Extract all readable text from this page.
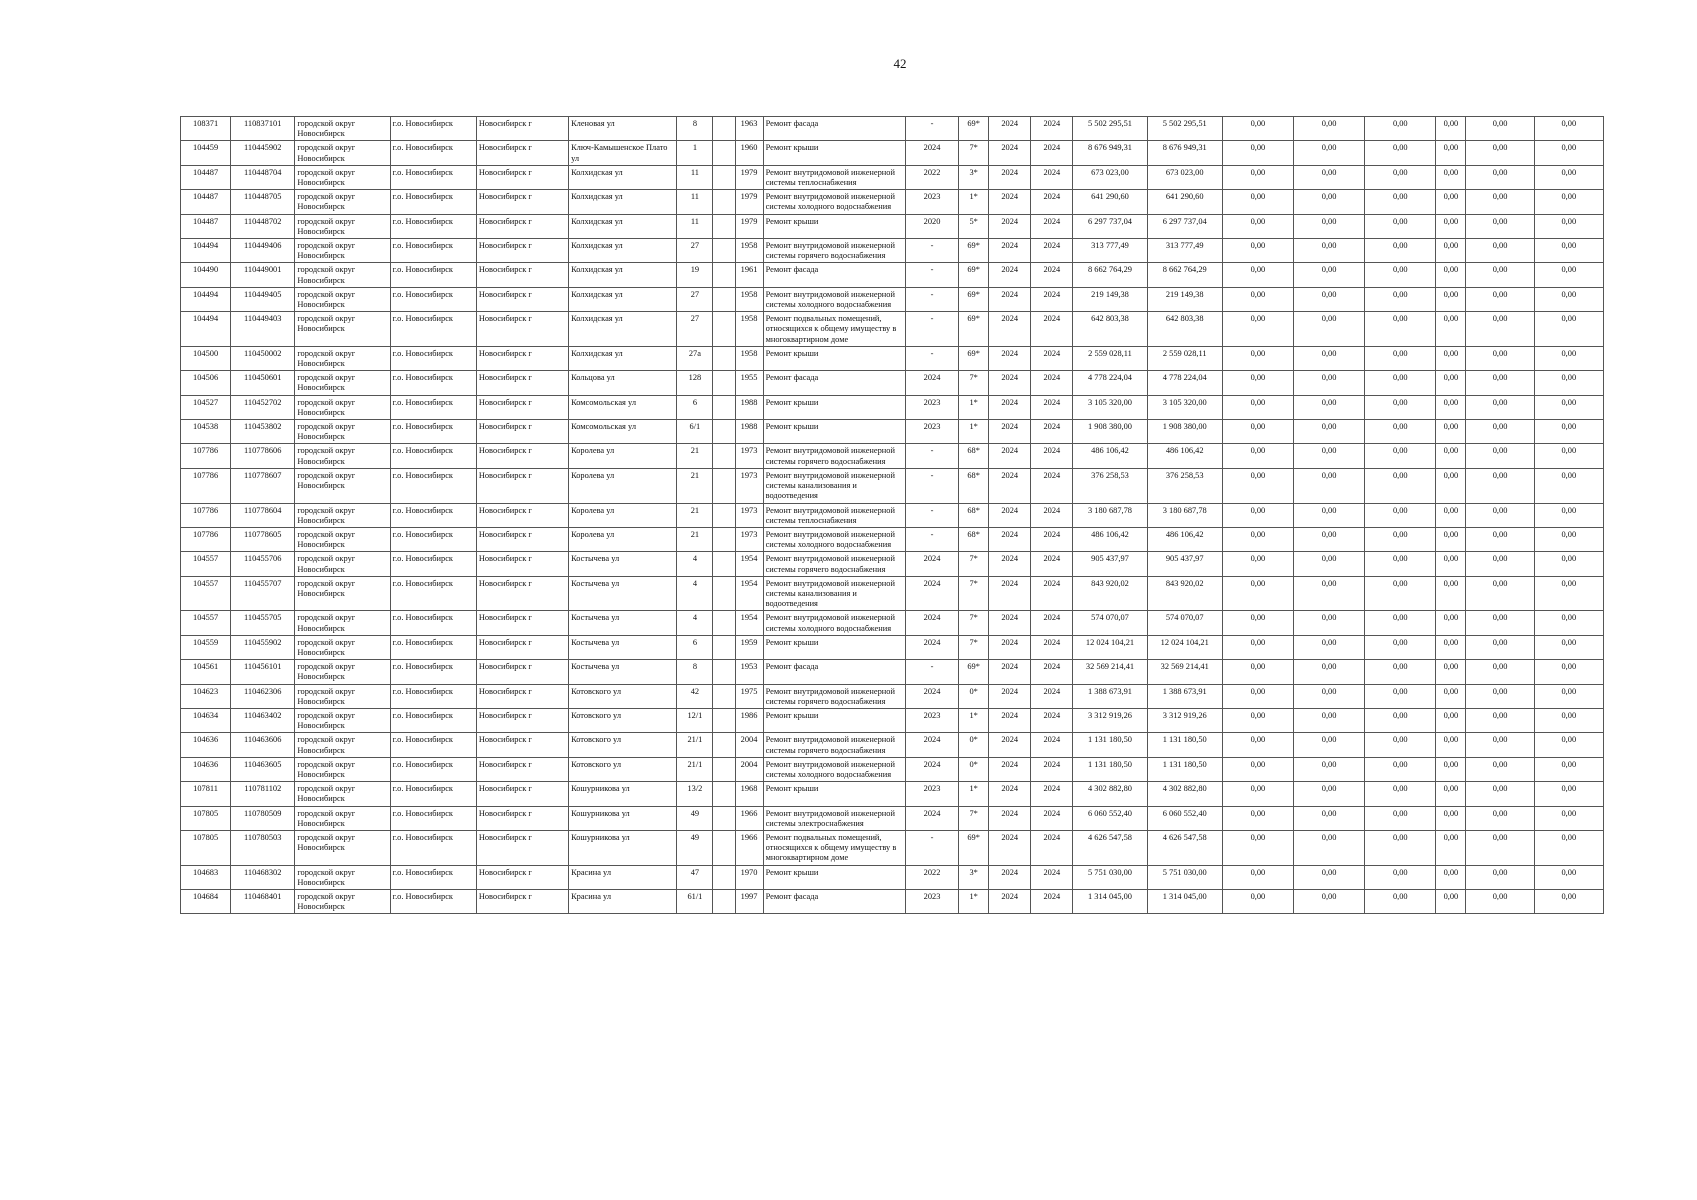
42
108371	110837101	городской округ Новосибирск	г.о. Новосибирск	Новосибирск г	Кленовая ул	8		1963	Ремонт фасада	-	69*	2024	2024	5 502 295,51	5 502 295,51	0,00	0,00	0,00	0,00	0,00	0,00
104459	110445902	городской округ Новосибирск	г.о. Новосибирск	Новосибирск г	Ключ-Камышенское Плато ул	1		1960	Ремонт крыши	2024	7*	2024	2024	8 676 949,31	8 676 949,31	0,00	0,00	0,00	0,00	0,00	0,00
104487	110448704	городской округ Новосибирск	г.о. Новосибирск	Новосибирск г	Колхидская ул	11		1979	Ремонт внутридомовой инженерной системы теплоснабжения	2022	3*	2024	2024	673 023,00	673 023,00	0,00	0,00	0,00	0,00	0,00	0,00
104487	110448705	городской округ Новосибирск	г.о. Новосибирск	Новосибирск г	Колхидская ул	11		1979	Ремонт внутридомовой инженерной системы холодного водоснабжения	2023	1*	2024	2024	641 290,60	641 290,60	0,00	0,00	0,00	0,00	0,00	0,00
104487	110448702	городской округ Новосибирск	г.о. Новосибирск	Новосибирск г	Колхидская ул	11		1979	Ремонт крыши	2020	5*	2024	2024	6 297 737,04	6 297 737,04	0,00	0,00	0,00	0,00	0,00	0,00
104494	110449406	городской округ Новосибирск	г.о. Новосибирск	Новосибирск г	Колхидская ул	27		1958	Ремонт внутридомовой инженерной системы горячего водоснабжения	-	69*	2024	2024	313 777,49	313 777,49	0,00	0,00	0,00	0,00	0,00	0,00
104490	110449001	городской округ Новосибирск	г.о. Новосибирск	Новосибирск г	Колхидская ул	19		1961	Ремонт фасада	-	69*	2024	2024	8 662 764,29	8 662 764,29	0,00	0,00	0,00	0,00	0,00	0,00
104494	110449405	городской округ Новосибирск	г.о. Новосибирск	Новосибирск г	Колхидская ул	27		1958	Ремонт внутридомовой инженерной системы холодного водоснабжения	-	69*	2024	2024	219 149,38	219 149,38	0,00	0,00	0,00	0,00	0,00	0,00
104494	110449403	городской округ Новосибирск	г.о. Новосибирск	Новосибирск г	Колхидская ул	27		1958	Ремонт подвальных помещений, относящихся к общему имуществу в многоквартирном доме	-	69*	2024	2024	642 803,38	642 803,38	0,00	0,00	0,00	0,00	0,00	0,00
104500	110450002	городской округ Новосибирск	г.о. Новосибирск	Новосибирск г	Колхидская ул	27а		1958	Ремонт крыши	-	69*	2024	2024	2 559 028,11	2 559 028,11	0,00	0,00	0,00	0,00	0,00	0,00
104506	110450601	городской округ Новосибирск	г.о. Новосибирск	Новосибирск г	Кольцова ул	128		1955	Ремонт фасада	2024	7*	2024	2024	4 778 224,04	4 778 224,04	0,00	0,00	0,00	0,00	0,00	0,00
104527	110452702	городской округ Новосибирск	г.о. Новосибирск	Новосибирск г	Комсомольская ул	6		1988	Ремонт крыши	2023	1*	2024	2024	3 105 320,00	3 105 320,00	0,00	0,00	0,00	0,00	0,00	0,00
104538	110453802	городской округ Новосибирск	г.о. Новосибирск	Новосибирск г	Комсомольская ул	6/1		1988	Ремонт крыши	2023	1*	2024	2024	1 908 380,00	1 908 380,00	0,00	0,00	0,00	0,00	0,00	0,00
107786	110778606	городской округ Новосибирск	г.о. Новосибирск	Новосибирск г	Королева ул	21		1973	Ремонт внутридомовой инженерной системы горячего водоснабжения	-	68*	2024	2024	486 106,42	486 106,42	0,00	0,00	0,00	0,00	0,00	0,00
107786	110778607	городской округ Новосибирск	г.о. Новосибирск	Новосибирск г	Королева ул	21		1973	Ремонт внутридомовой инженерной системы канализования и водоотведения	-	68*	2024	2024	376 258,53	376 258,53	0,00	0,00	0,00	0,00	0,00	0,00
107786	110778604	городской округ Новосибирск	г.о. Новосибирск	Новосибирск г	Королева ул	21		1973	Ремонт внутридомовой инженерной системы теплоснабжения	-	68*	2024	2024	3 180 687,78	3 180 687,78	0,00	0,00	0,00	0,00	0,00	0,00
107786	110778605	городской округ Новосибирск	г.о. Новосибирск	Новосибирск г	Королева ул	21		1973	Ремонт внутридомовой инженерной системы холодного водоснабжения	-	68*	2024	2024	486 106,42	486 106,42	0,00	0,00	0,00	0,00	0,00	0,00
104557	110455706	городской округ Новосибирск	г.о. Новосибирск	Новосибирск г	Костычева ул	4		1954	Ремонт внутридомовой инженерной системы горячего водоснабжения	2024	7*	2024	2024	905 437,97	905 437,97	0,00	0,00	0,00	0,00	0,00	0,00
104557	110455707	городской округ Новосибирск	г.о. Новосибирск	Новосибирск г	Костычева ул	4		1954	Ремонт внутридомовой инженерной системы канализования и водоотведения	2024	7*	2024	2024	843 920,02	843 920,02	0,00	0,00	0,00	0,00	0,00	0,00
104557	110455705	городской округ Новосибирск	г.о. Новосибирск	Новосибирск г	Костычева ул	4		1954	Ремонт внутридомовой инженерной системы холодного водоснабжения	2024	7*	2024	2024	574 070,07	574 070,07	0,00	0,00	0,00	0,00	0,00	0,00
104559	110455902	городской округ Новосибирск	г.о. Новосибирск	Новосибирск г	Костычева ул	6		1959	Ремонт крыши	2024	7*	2024	2024	12 024 104,21	12 024 104,21	0,00	0,00	0,00	0,00	0,00	0,00
104561	110456101	городской округ Новосибирск	г.о. Новосибирск	Новосибирск г	Костычева ул	8		1953	Ремонт фасада	-	69*	2024	2024	32 569 214,41	32 569 214,41	0,00	0,00	0,00	0,00	0,00	0,00
104623	110462306	городской округ Новосибирск	г.о. Новосибирск	Новосибирск г	Котовского ул	42		1975	Ремонт внутридомовой инженерной системы горячего водоснабжения	2024	0*	2024	2024	1 388 673,91	1 388 673,91	0,00	0,00	0,00	0,00	0,00	0,00
104634	110463402	городской округ Новосибирск	г.о. Новосибирск	Новосибирск г	Котовского ул	12/1		1986	Ремонт крыши	2023	1*	2024	2024	3 312 919,26	3 312 919,26	0,00	0,00	0,00	0,00	0,00	0,00
104636	110463606	городской округ Новосибирск	г.о. Новосибирск	Новосибирск г	Котовского ул	21/1		2004	Ремонт внутридомовой инженерной системы горячего водоснабжения	2024	0*	2024	2024	1 131 180,50	1 131 180,50	0,00	0,00	0,00	0,00	0,00	0,00
104636	110463605	городской округ Новосибирск	г.о. Новосибирск	Новосибирск г	Котовского ул	21/1		2004	Ремонт внутридомовой инженерной системы холодного водоснабжения	2024	0*	2024	2024	1 131 180,50	1 131 180,50	0,00	0,00	0,00	0,00	0,00	0,00
107811	110781102	городской округ Новосибирск	г.о. Новосибирск	Новосибирск г	Кошурникова ул	13/2		1968	Ремонт крыши	2023	1*	2024	2024	4 302 882,80	4 302 882,80	0,00	0,00	0,00	0,00	0,00	0,00
107805	110780509	городской округ Новосибирск	г.о. Новосибирск	Новосибирск г	Кошурникова ул	49		1966	Ремонт внутридомовой инженерной системы электроснабжения	2024	7*	2024	2024	6 060 552,40	6 060 552,40	0,00	0,00	0,00	0,00	0,00	0,00
107805	110780503	городской округ Новосибирск	г.о. Новосибирск	Новосибирск г	Кошурникова ул	49		1966	Ремонт подвальных помещений, относящихся к общему имуществу в многоквартирном доме	-	69*	2024	2024	4 626 547,58	4 626 547,58	0,00	0,00	0,00	0,00	0,00	0,00
104683	110468302	городской округ Новосибирск	г.о. Новосибирск	Новосибирск г	Красина ул	47		1970	Ремонт крыши	2022	3*	2024	2024	5 751 030,00	5 751 030,00	0,00	0,00	0,00	0,00	0,00	0,00
104684	110468401	городской округ Новосибирск	г.о. Новосибирск	Новосибирск г	Красина ул	61/1		1997	Ремонт фасада	2023	1*	2024	2024	1 314 045,00	1 314 045,00	0,00	0,00	0,00	0,00	0,00	0,00
